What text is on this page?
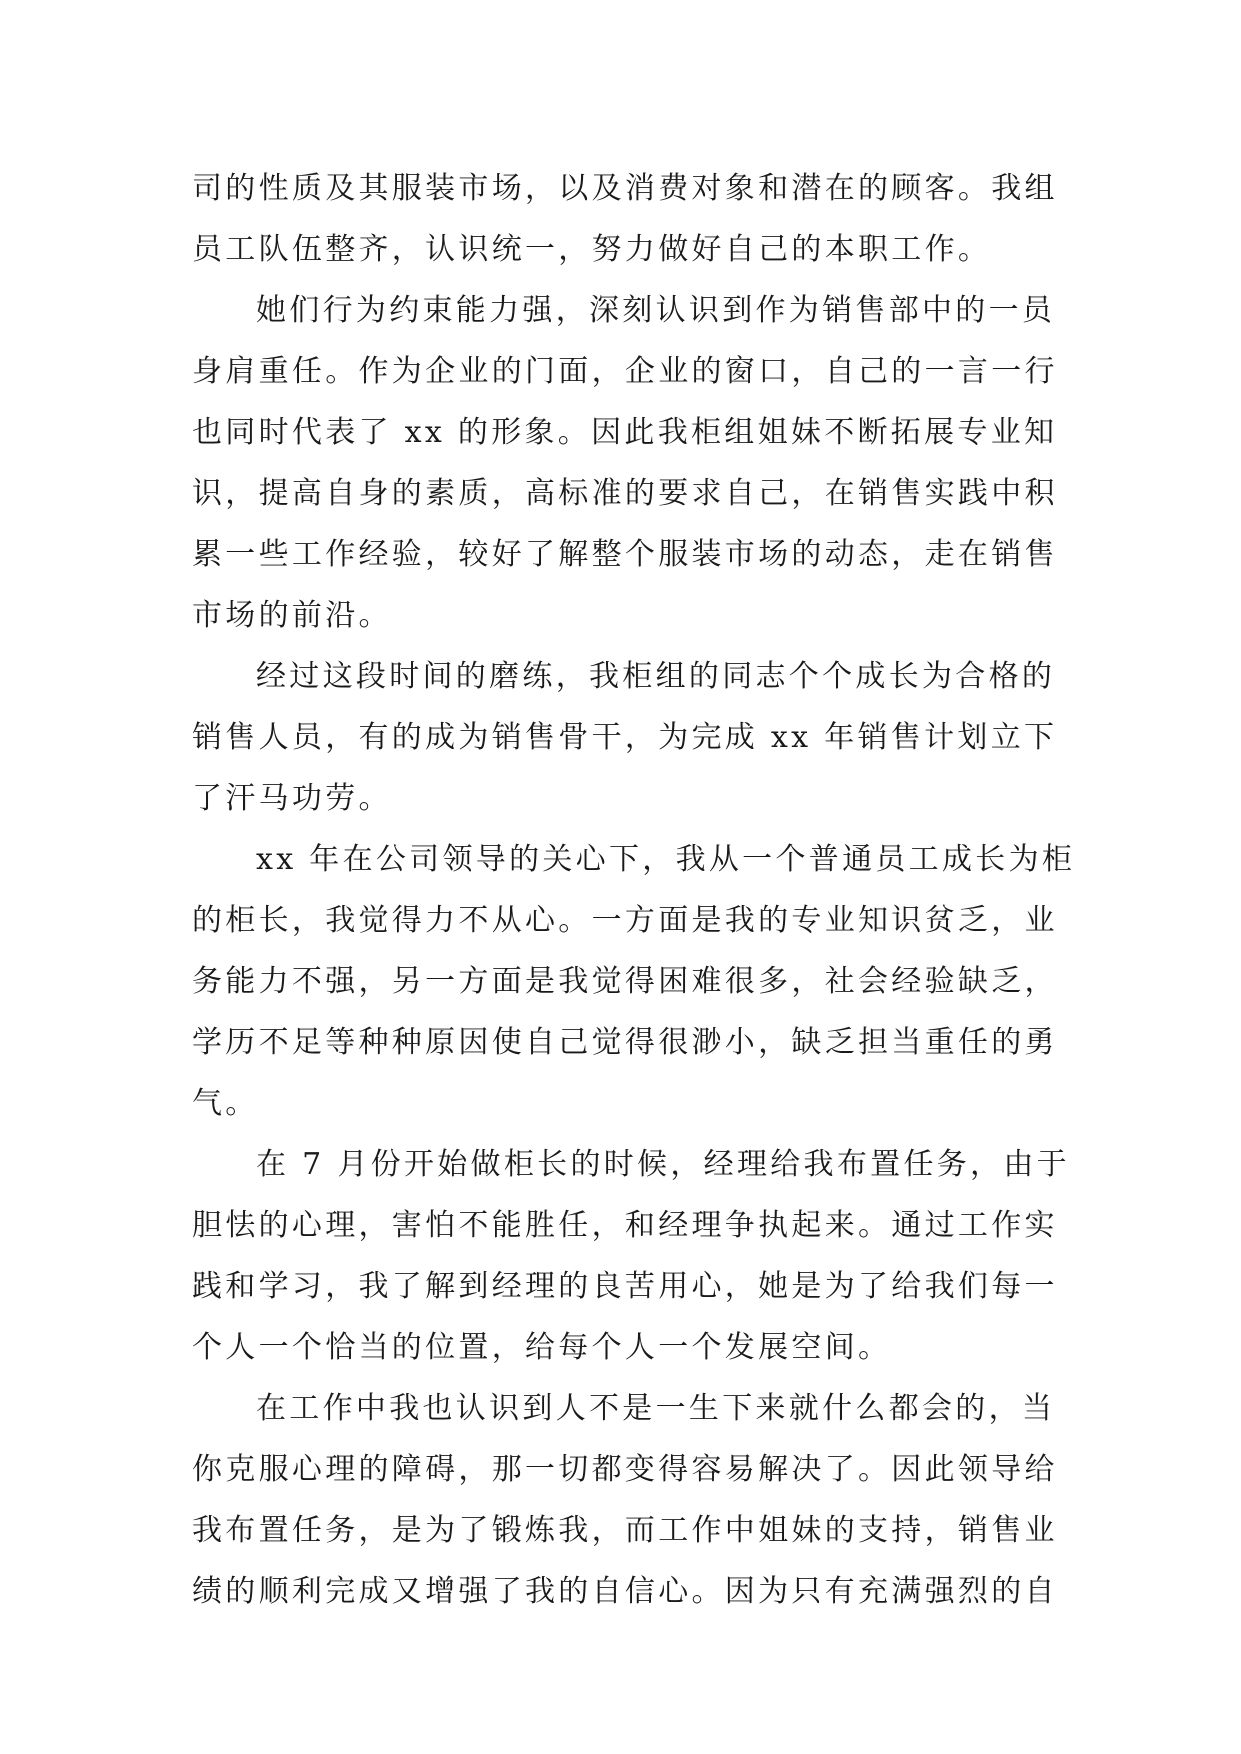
司的性质及其服装市场，以及消费对象和潜在的顾客。我组
员工队伍整齐，认识统一，努力做好自己的本职工作。
她们行为约束能力强，深刻认识到作为销售部中的一员
身肩重任。作为企业的门面，企业的窗口，自己的一言一行
也同时代表了 xx 的形象。因此我柜组姐妹不断拓展专业知
识，提高自身的素质，高标准的要求自己，在销售实践中积
累一些工作经验，较好了解整个服装市场的动态，走在销售
市场的前沿。
经过这段时间的磨练，我柜组的同志个个成长为合格的
销售人员，有的成为销售骨干，为完成 xx 年销售计划立下
了汗马功劳。
xx 年在公司领导的关心下，我从一个普通员工成长为柜
的柜长，我觉得力不从心。一方面是我的专业知识贫乏，业
务能力不强，另一方面是我觉得困难很多，社会经验缺乏，
学历不足等种种原因使自己觉得很渺小，缺乏担当重任的勇
气。
在 7 月份开始做柜长的时候，经理给我布置任务，由于
胆怯的心理，害怕不能胜任，和经理争执起来。通过工作实
践和学习，我了解到经理的良苦用心，她是为了给我们每一
个人一个恰当的位置，给每个人一个发展空间。
在工作中我也认识到人不是一生下来就什么都会的，当
你克服心理的障碍，那一切都变得容易解决了。因此领导给
我布置任务，是为了锻炼我，而工作中姐妹的支持，销售业
绩的顺利完成又增强了我的自信心。因为只有充满强烈的自
